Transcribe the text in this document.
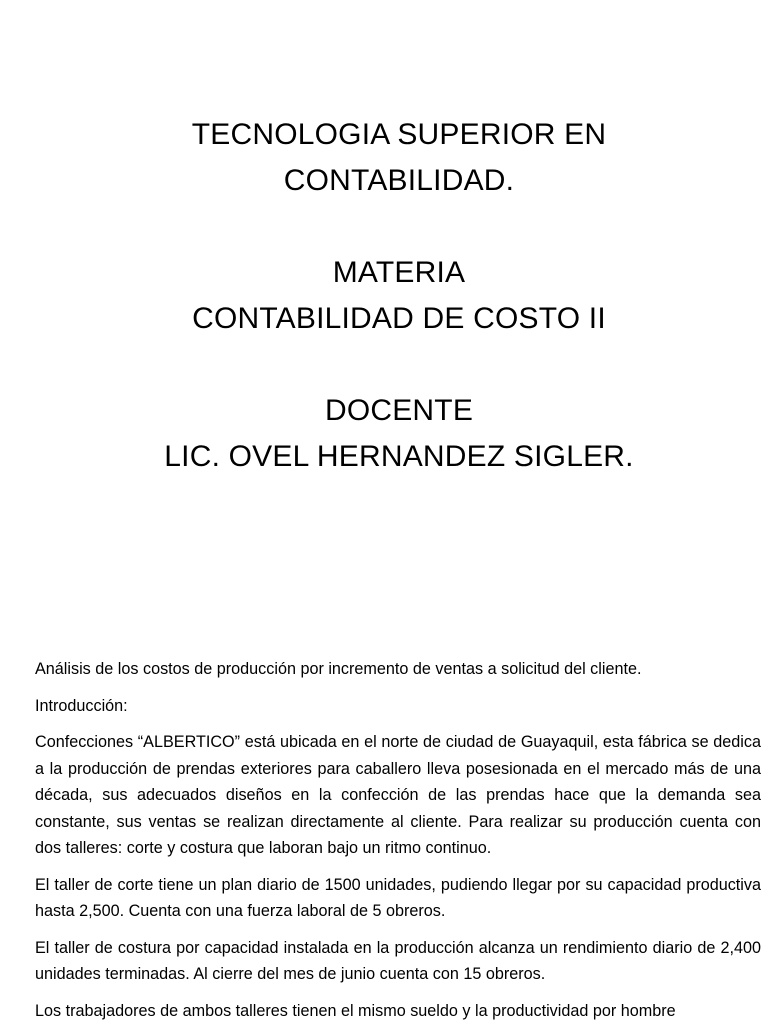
TECNOLOGIA SUPERIOR EN
CONTABILIDAD.
MATERIA
CONTABILIDAD DE COSTO II
DOCENTE
LIC. OVEL HERNANDEZ SIGLER.

Análisis de los costos de producción por incremento de ventas a solicitud del cliente.

Introducción:

Confecciones “ALBERTICO” está ubicada en el norte de ciudad de Guayaquil, esta fábrica se dedica a la producción de prendas exteriores para caballero lleva posesionada en el mercado más de una década, sus adecuados diseños en la confección de las prendas hace que la demanda sea constante, sus ventas se realizan directamente al cliente. Para realizar su producción cuenta con dos talleres: corte y costura que laboran bajo un ritmo continuo.

El taller de corte tiene un plan diario de 1500 unidades, pudiendo llegar por su capacidad productiva hasta 2,500. Cuenta con una fuerza laboral de 5 obreros.

El taller de costura por capacidad instalada en la producción alcanza un rendimiento diario de 2,400 unidades terminadas. Al cierre del mes de junio cuenta con 15 obreros.

Los trabajadores de ambos talleres tienen el mismo sueldo y la productividad por hombre
